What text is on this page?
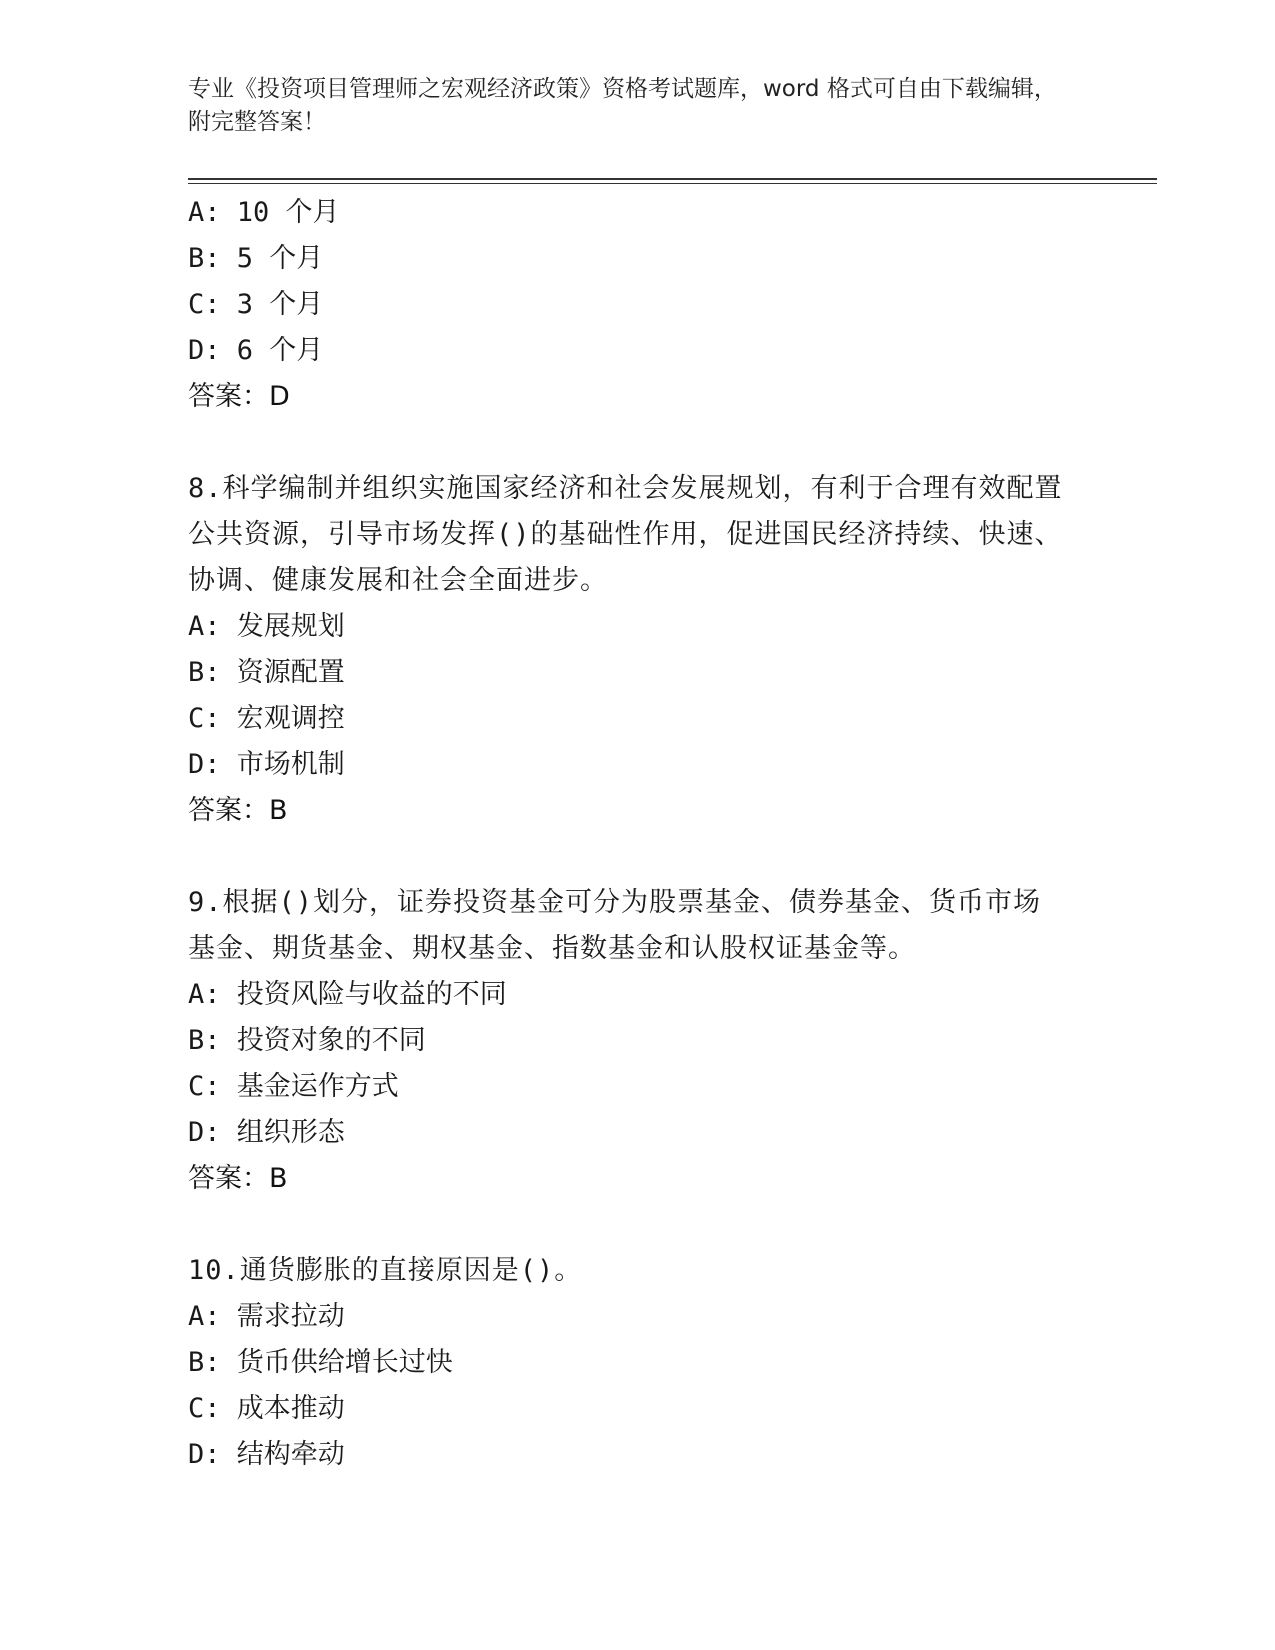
专业《投资项目管理师之宏观经济政策》资格考试题库，word 格式可自由下载编辑，附完整答案！
A: 10 个月
B: 5 个月
C: 3 个月
D: 6 个月
答案：D
8.科学编制并组织实施国家经济和社会发展规划，有利于合理有效配置公共资源，引导市场发挥()的基础性作用，促进国民经济持续、快速、协调、健康发展和社会全面进步。
A: 发展规划
B: 资源配置
C: 宏观调控
D: 市场机制
答案：B
9.根据()划分，证券投资基金可分为股票基金、债券基金、货币市场基金、期货基金、期权基金、指数基金和认股权证基金等。
A: 投资风险与收益的不同
B: 投资对象的不同
C: 基金运作方式
D: 组织形态
答案：B
10.通货膨胀的直接原因是()。
A: 需求拉动
B: 货币供给增长过快
C: 成本推动
D: 结构牵动
